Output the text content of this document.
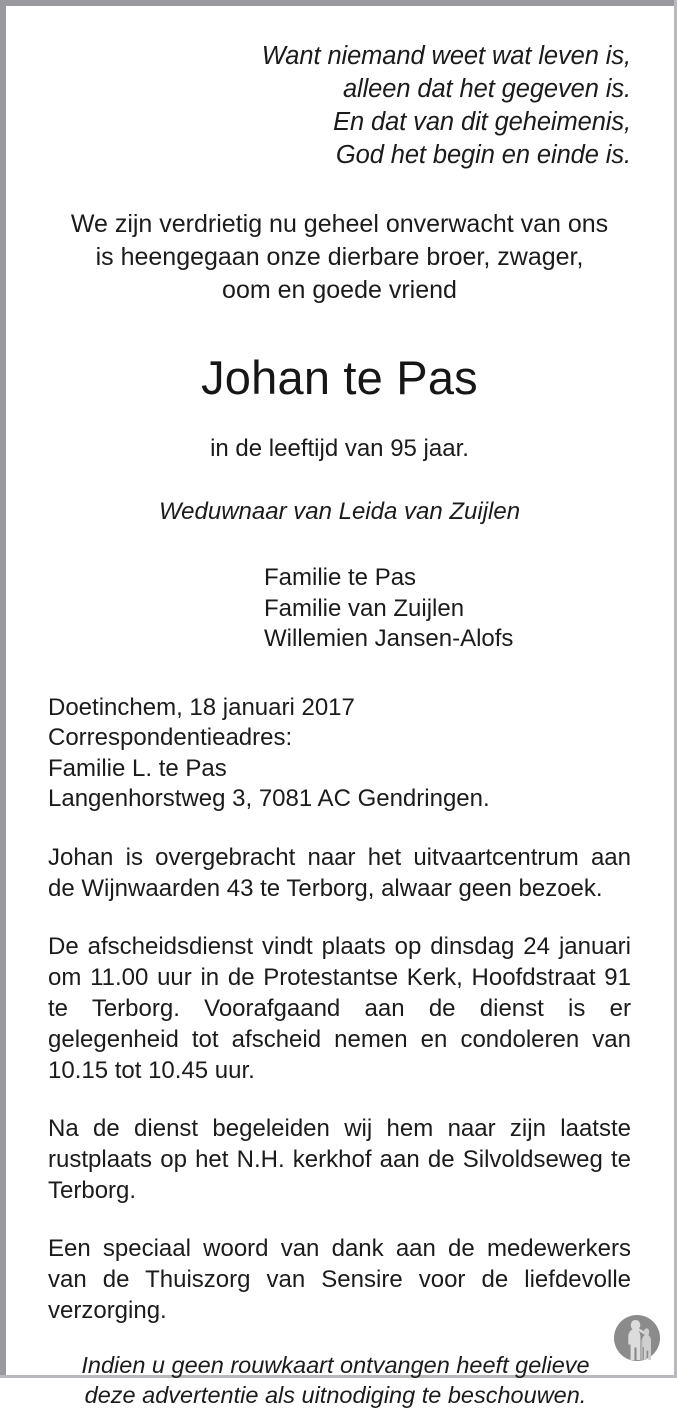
Want niemand weet wat leven is,
alleen dat het gegeven is.
En dat van dit geheimenis,
God het begin en einde is.
We zijn verdrietig nu geheel onverwacht van ons
is heengegaan onze dierbare broer, zwager,
oom en goede vriend
Johan te Pas
in de leeftijd van 95 jaar.
Weduwnaar van Leida van Zuijlen
Familie te Pas
Familie van Zuijlen
Willemien Jansen-Alofs
Doetinchem, 18 januari 2017
Correspondentieadres:
Familie L. te Pas
Langenhorstweg 3, 7081 AC Gendringen.

Johan is overgebracht naar het uitvaartcentrum aan de Wijnwaarden 43 te Terborg, alwaar geen bezoek.

De afscheidsdienst vindt plaats op dinsdag 24 januari om 11.00 uur in de Protestantse Kerk, Hoofdstraat 91 te Terborg. Voorafgaand aan de dienst is er gelegenheid tot afscheid nemen en condoleren van 10.15 tot 10.45 uur.

Na de dienst begeleiden wij hem naar zijn laatste rustplaats op het N.H. kerkhof aan de Silvoldseweg te Terborg.

Een speciaal woord van dank aan de medewerkers van de Thuiszorg van Sensire voor de liefdevolle verzorging.

Indien u geen rouwkaart ontvangen heeft gelieve
deze advertentie als uitnodiging te beschouwen.
